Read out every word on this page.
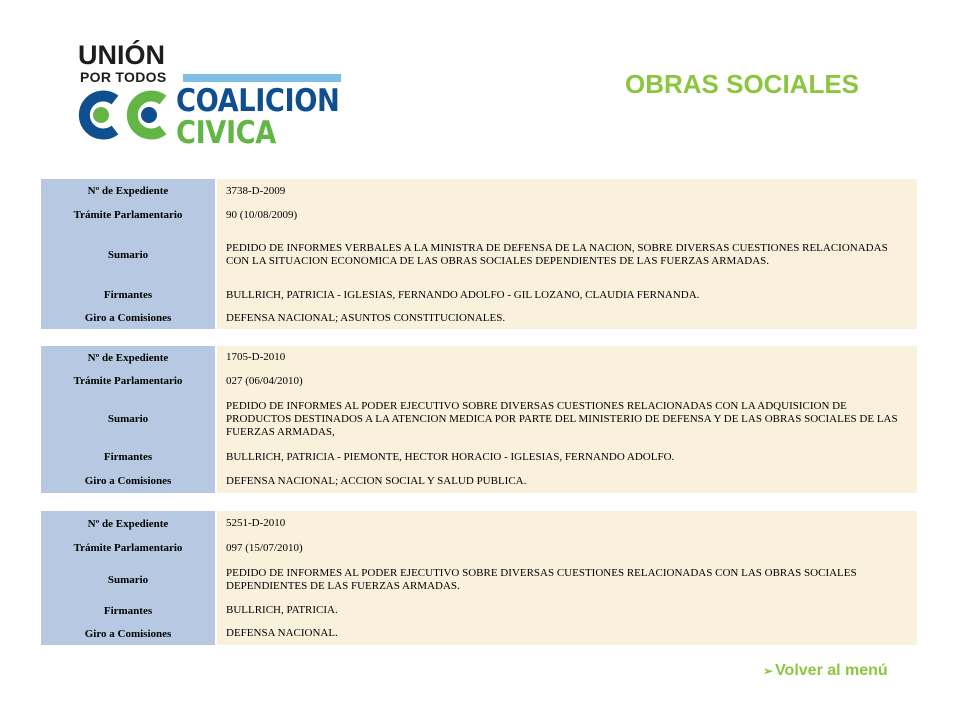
UNIÓN
POR TODOS
COALICION
CIVICA
OBRAS SOCIALES
Nº de Expediente	3738-D-2009
Trámite Parlamentario	90 (10/08/2009)
Sumario	PEDIDO DE INFORMES VERBALES A LA MINISTRA DE DEFENSA DE LA NACION, SOBRE DIVERSAS CUESTIONES RELACIONADAS CON LA SITUACION ECONOMICA DE LAS OBRAS SOCIALES DEPENDIENTES DE LAS FUERZAS ARMADAS.
Firmantes	BULLRICH, PATRICIA - IGLESIAS, FERNANDO ADOLFO - GIL LOZANO, CLAUDIA FERNANDA.
Giro a Comisiones	DEFENSA NACIONAL; ASUNTOS CONSTITUCIONALES.
Nº de Expediente	1705-D-2010
Trámite Parlamentario	027 (06/04/2010)
Sumario	PEDIDO DE INFORMES AL PODER EJECUTIVO SOBRE DIVERSAS CUESTIONES RELACIONADAS CON LA ADQUISICION DE PRODUCTOS DESTINADOS A LA ATENCION MEDICA POR PARTE DEL MINISTERIO DE DEFENSA Y DE LAS OBRAS SOCIALES DE LAS FUERZAS ARMADAS,
Firmantes	BULLRICH, PATRICIA - PIEMONTE, HECTOR HORACIO - IGLESIAS, FERNANDO ADOLFO.
Giro a Comisiones	DEFENSA NACIONAL; ACCION SOCIAL Y SALUD PUBLICA.
Nº de Expediente	5251-D-2010
Trámite Parlamentario	097 (15/07/2010)
Sumario	PEDIDO DE INFORMES AL PODER EJECUTIVO SOBRE DIVERSAS CUESTIONES RELACIONADAS CON LAS OBRAS SOCIALES DEPENDIENTES DE LAS FUERZAS ARMADAS.
Firmantes	BULLRICH, PATRICIA.
Giro a Comisiones	DEFENSA NACIONAL.
➢ Volver al menú
